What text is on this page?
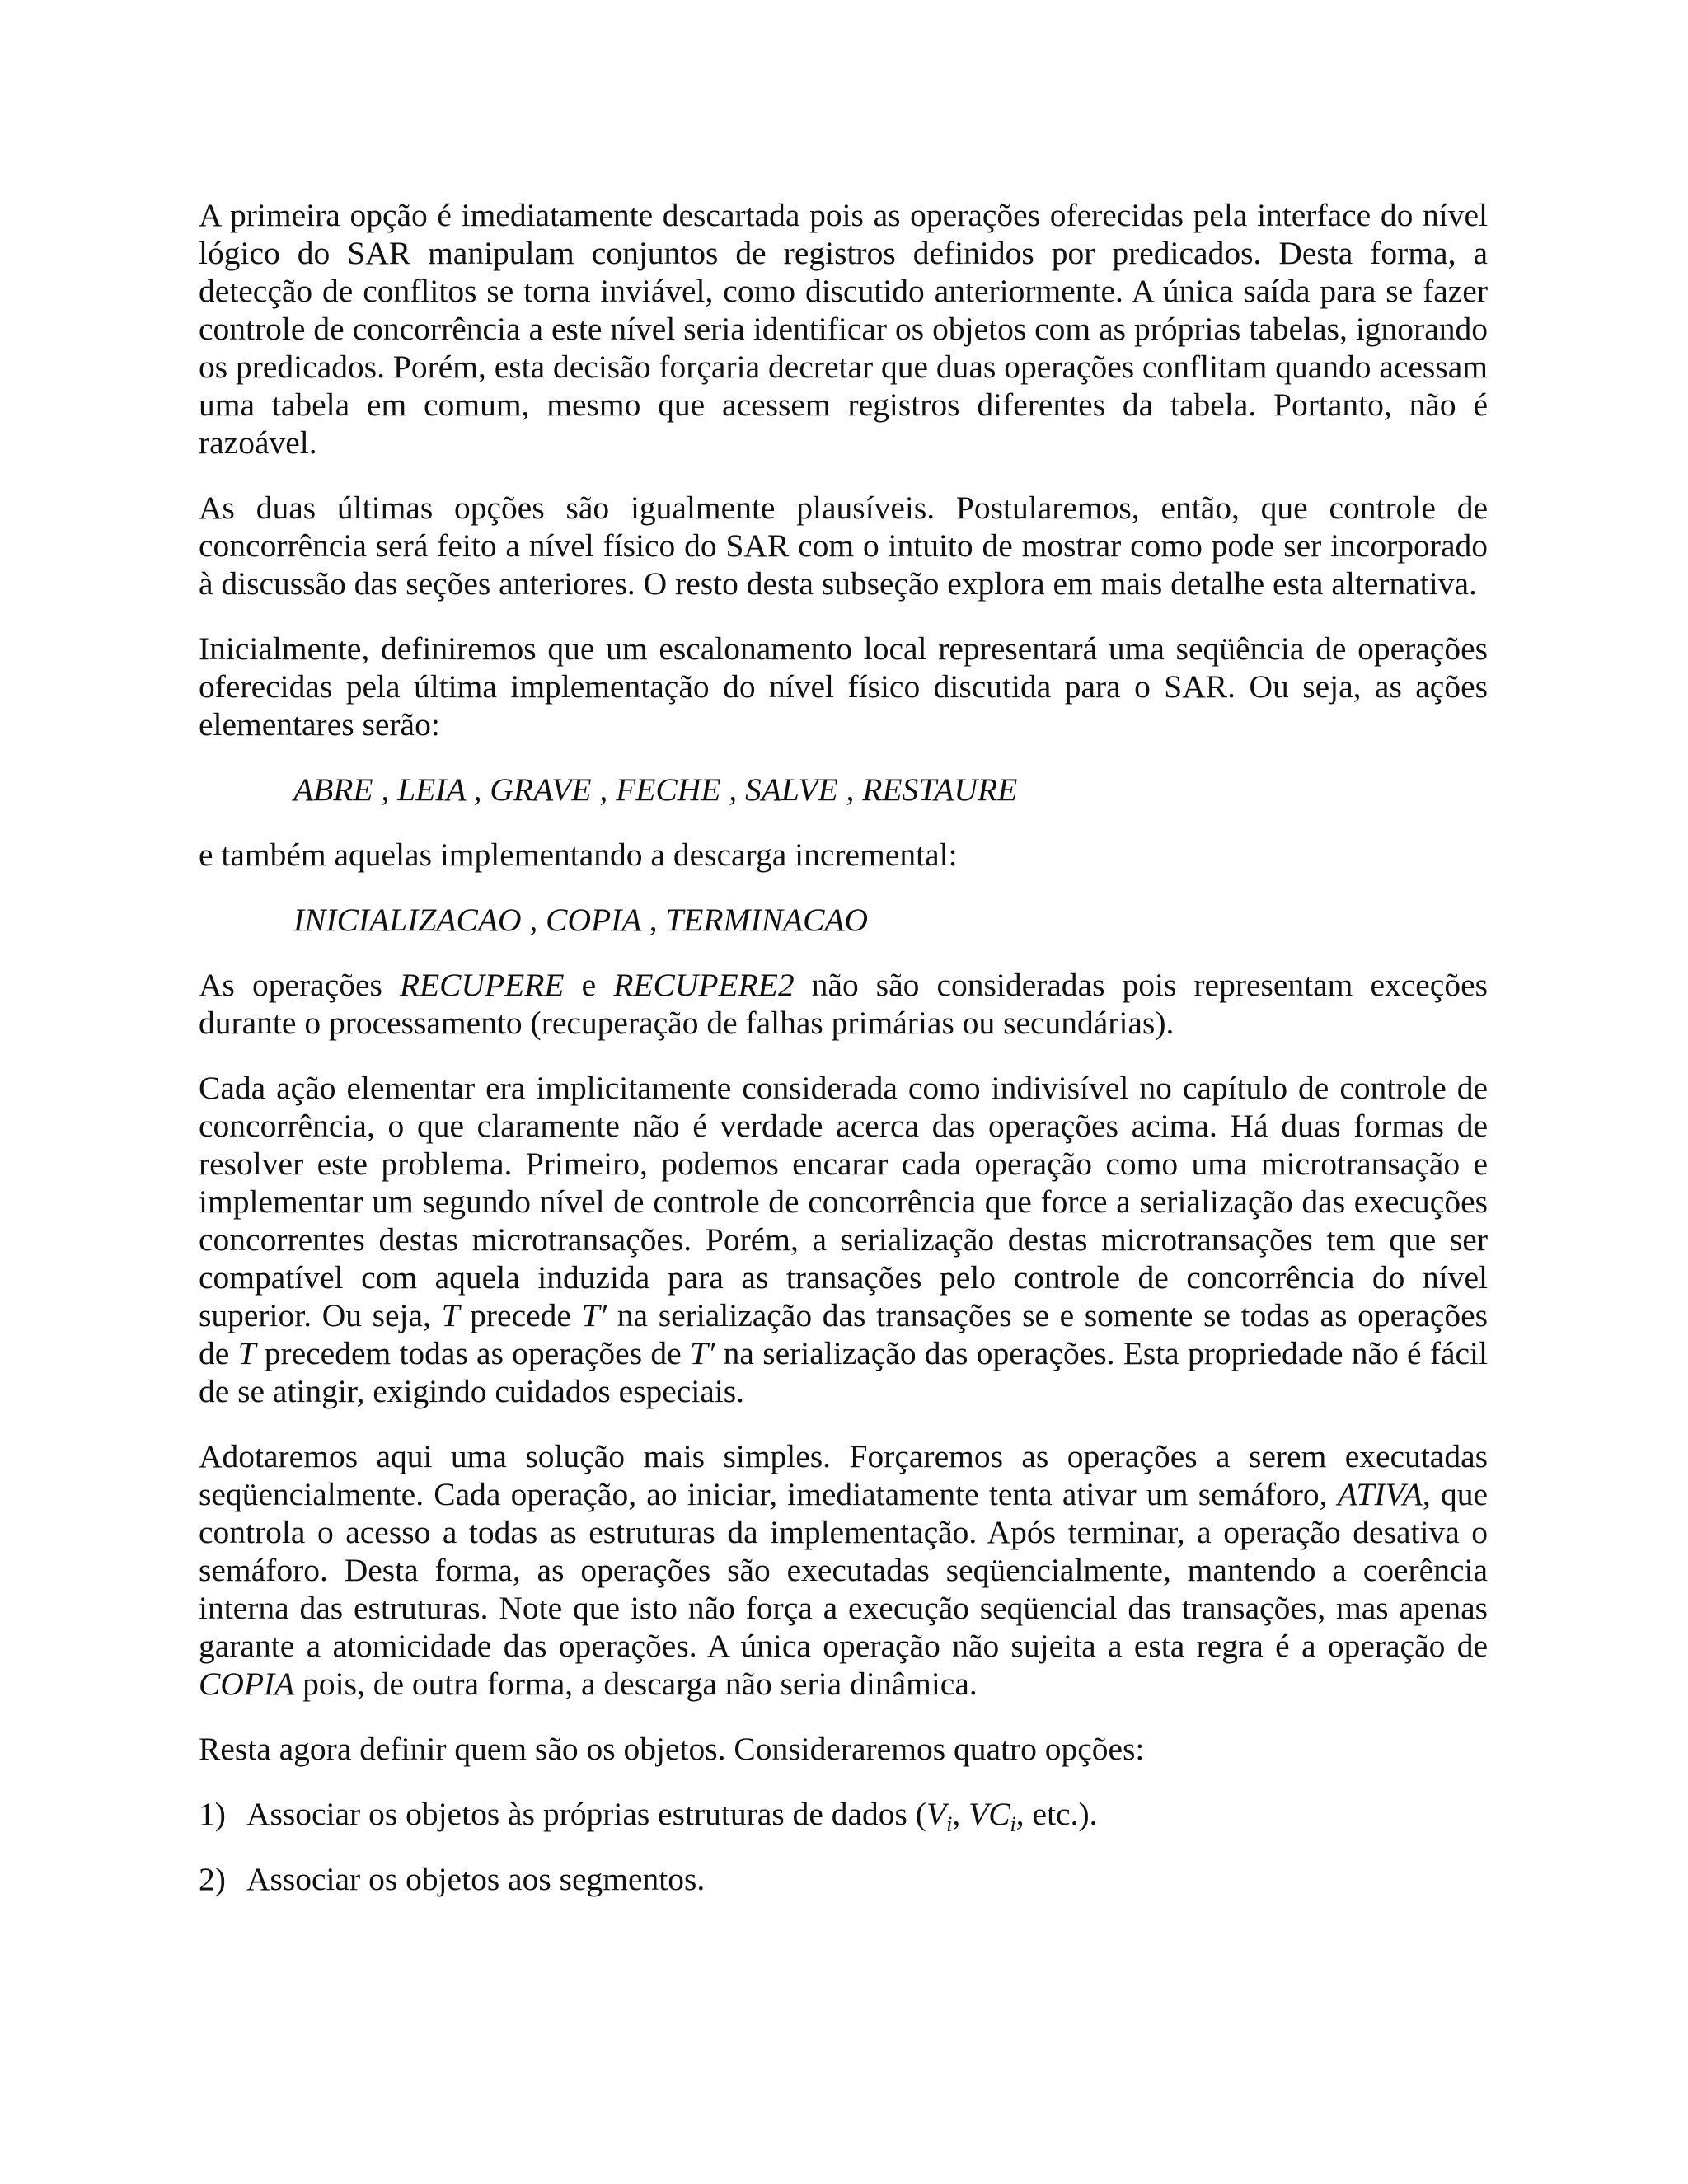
A primeira opção é imediatamente descartada pois as operações oferecidas pela interface do nível lógico do SAR manipulam conjuntos de registros definidos por predicados. Desta forma, a detecção de conflitos se torna inviável, como discutido anteriormente. A única saída para se fazer controle de concorrência a este nível seria identificar os objetos com as próprias tabelas, ignorando os predicados. Porém, esta decisão forçaria decretar que duas operações conflitam quando acessam uma tabela em comum, mesmo que acessem registros diferentes da tabela. Portanto, não é razoável.

As duas últimas opções são igualmente plausíveis. Postularemos, então, que controle de concorrência será feito a nível físico do SAR com o intuito de mostrar como pode ser incorporado à discussão das seções anteriores. O resto desta subseção explora em mais detalhe esta alternativa.

Inicialmente, definiremos que um escalonamento local representará uma seqüência de operações oferecidas pela última implementação do nível físico discutida para o SAR. Ou seja, as ações elementares serão:

ABRE , LEIA , GRAVE , FECHE , SALVE , RESTAURE

e também aquelas implementando a descarga incremental:

INICIALIZACAO , COPIA , TERMINACAO

As operações RECUPERE e RECUPERE2 não são consideradas pois representam exceções durante o processamento (recuperação de falhas primárias ou secundárias).

Cada ação elementar era implicitamente considerada como indivisível no capítulo de controle de concorrência, o que claramente não é verdade acerca das operações acima. Há duas formas de resolver este problema. Primeiro, podemos encarar cada operação como uma microtransação e implementar um segundo nível de controle de concorrência que force a serialização das execuções concorrentes destas microtransações. Porém, a serialização destas microtransações tem que ser compatível com aquela induzida para as transações pelo controle de concorrência do nível superior. Ou seja, T precede T′ na serialização das transações se e somente se todas as operações de T precedem todas as operações de T′ na serialização das operações. Esta propriedade não é fácil de se atingir, exigindo cuidados especiais.

Adotaremos aqui uma solução mais simples. Forçaremos as operações a serem executadas seqüencialmente. Cada operação, ao iniciar, imediatamente tenta ativar um semáforo, ATIVA, que controla o acesso a todas as estruturas da implementação. Após terminar, a operação desativa o semáforo. Desta forma, as operações são executadas seqüencialmente, mantendo a coerência interna das estruturas. Note que isto não força a execução seqüencial das transações, mas apenas garante a atomicidade das operações. A única operação não sujeita a esta regra é a operação de COPIA pois, de outra forma, a descarga não seria dinâmica.

Resta agora definir quem são os objetos. Consideraremos quatro opções:

1) Associar os objetos às próprias estruturas de dados ($V_i$, $VC_i$, etc.).
2) Associar os objetos aos segmentos.
